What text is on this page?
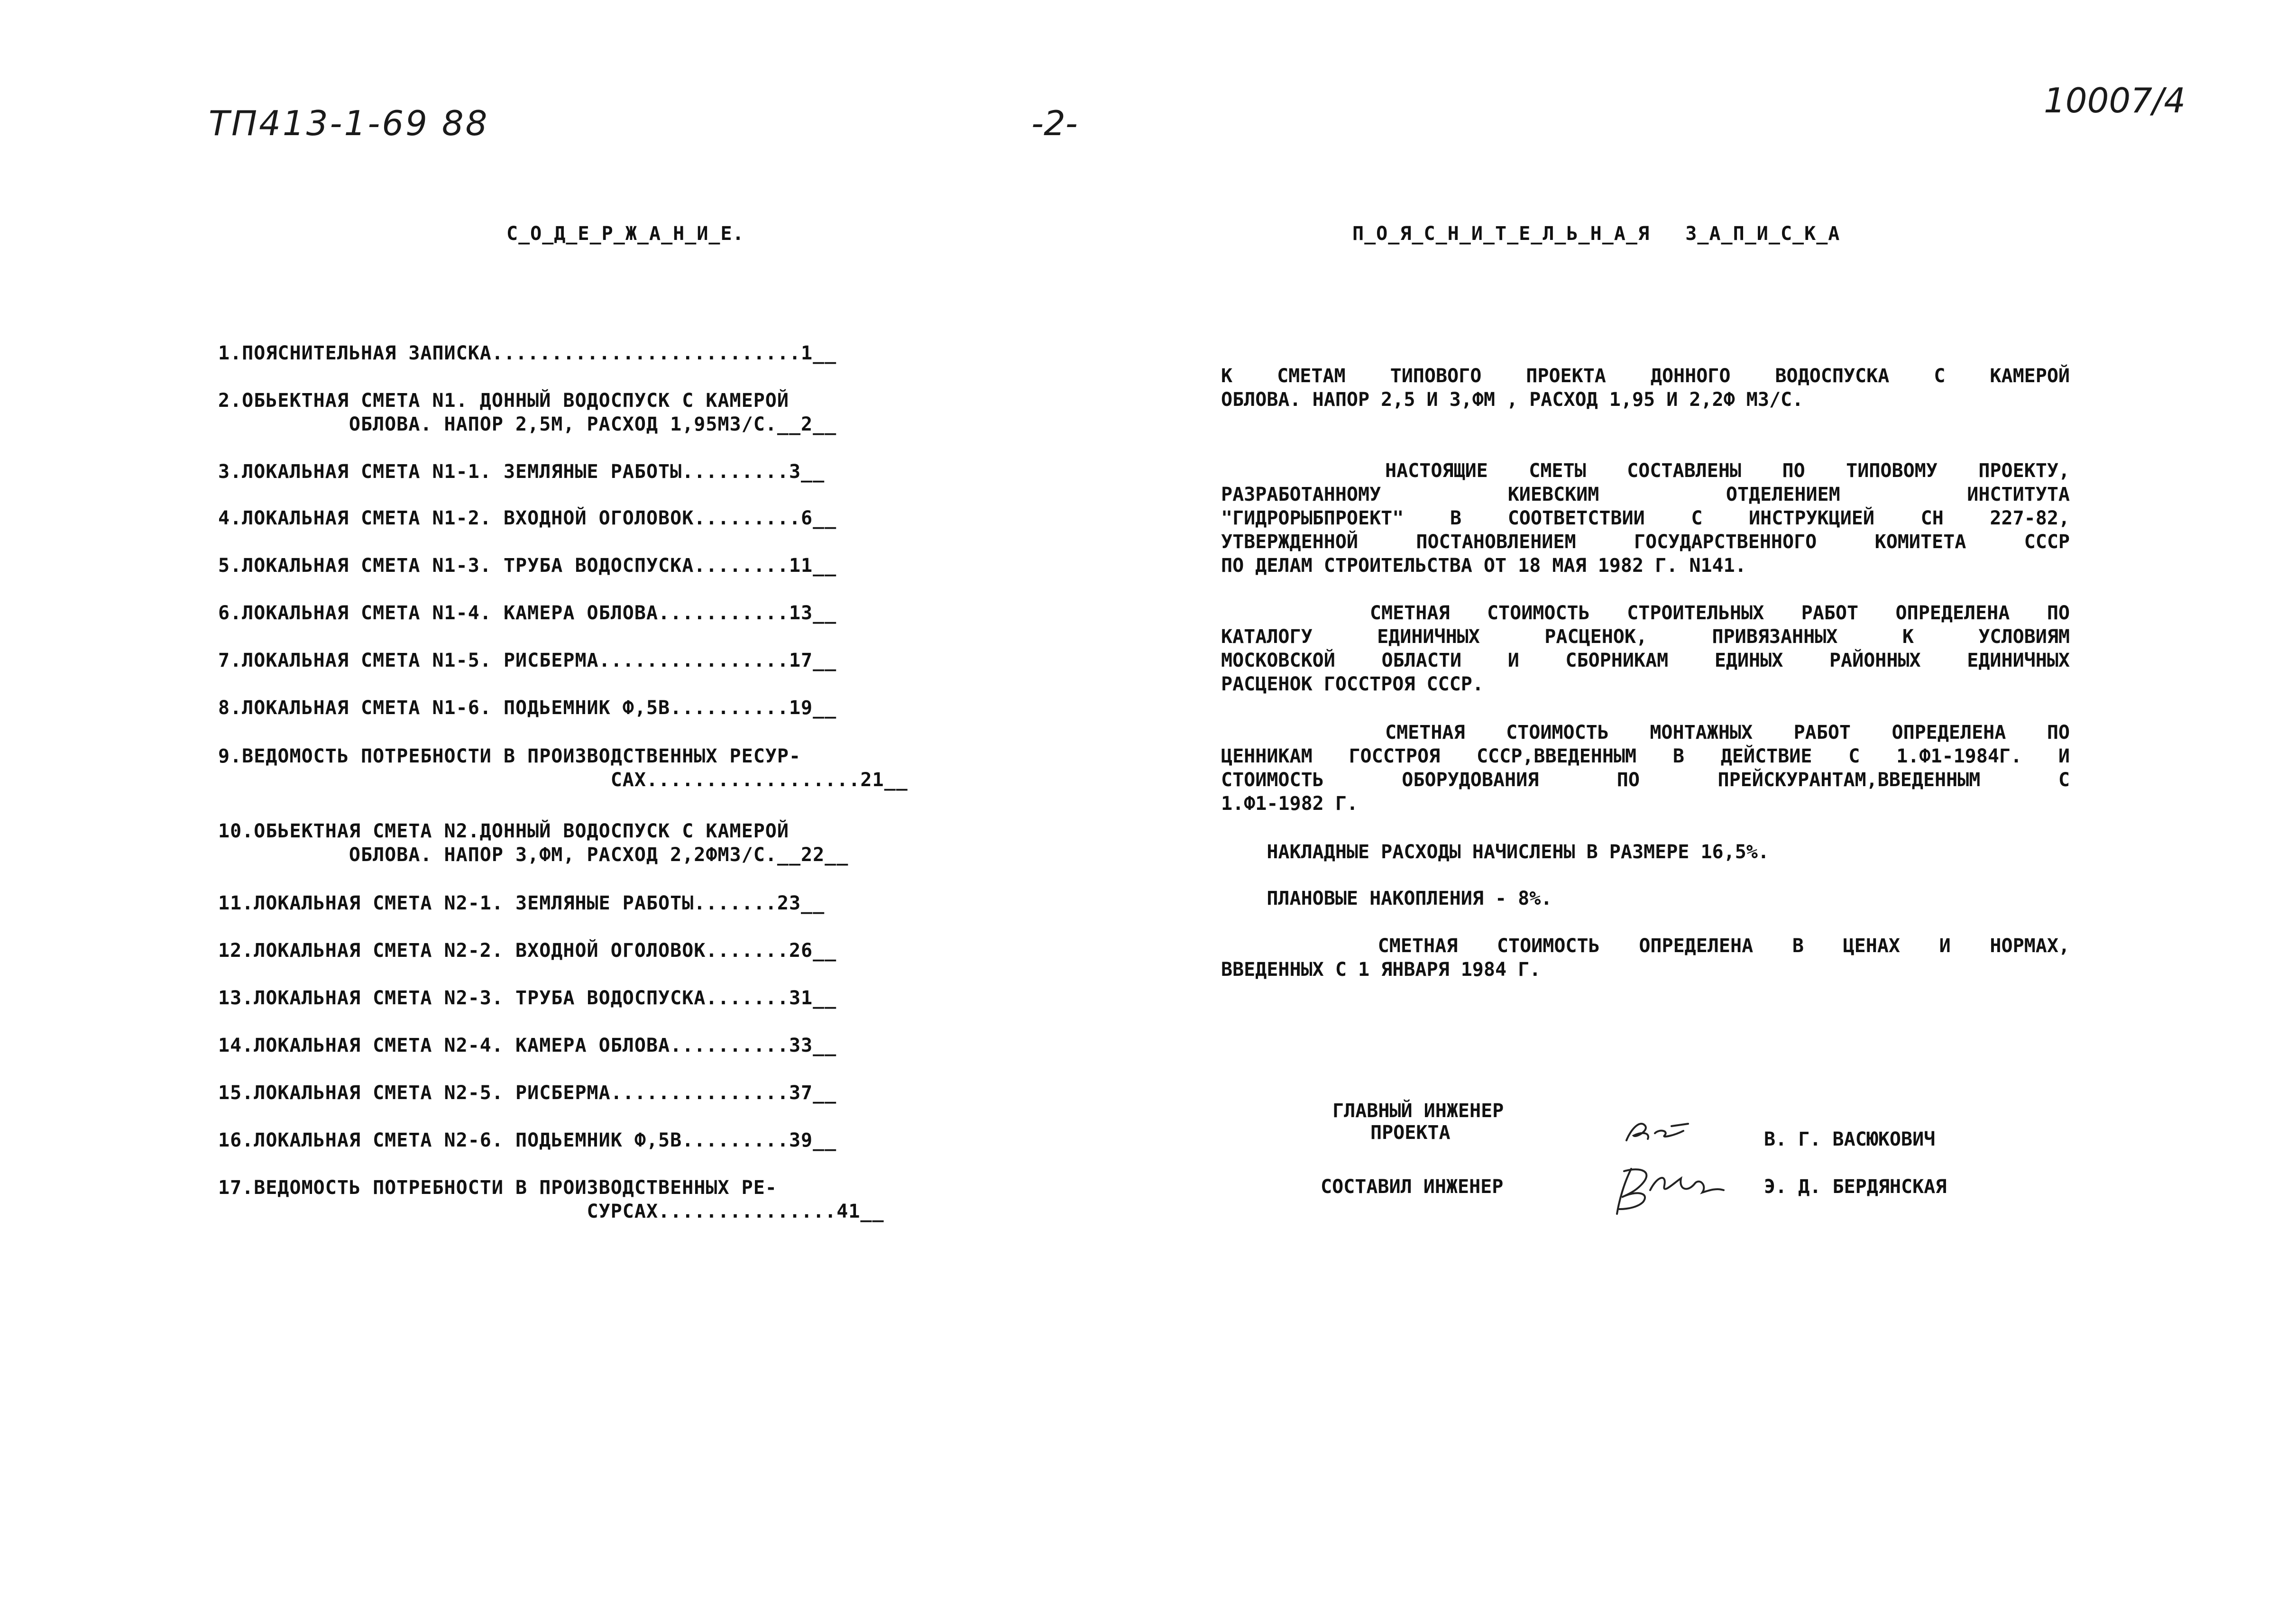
ТП413-1-69 88	-2-
10007/4
С_О_Д_Е_Р_Ж_А_Н_И_Е.	П_О_Я_С_Н_И_Т_Е_Л_Ь_Н_А_Я   З_А_П_И_С_К_А
1.ПОЯСНИТЕЛЬНАЯ ЗАПИСКА..........................1__
2.ОБЬЕКТНАЯ СМЕТА N1. ДОННЫЙ ВОДОСПУСК С КАМЕРОЙ
ОБЛОВА. НАПОР 2,5М, РАСХОД 1,95М3/С.__2__
3.ЛОКАЛЬНАЯ СМЕТА N1-1. ЗЕМЛЯНЫЕ РАБОТЫ.........3__
4.ЛОКАЛЬНАЯ СМЕТА N1-2. ВХОДНОЙ ОГОЛОВОК.........6__
5.ЛОКАЛЬНАЯ СМЕТА N1-3. ТРУБА ВОДОСПУСКА........11__
6.ЛОКАЛЬНАЯ СМЕТА N1-4. КАМЕРА ОБЛОВА...........13__
7.ЛОКАЛЬНАЯ СМЕТА N1-5. РИСБЕРМА................17__
8.ЛОКАЛЬНАЯ СМЕТА N1-6. ПОДЬЕМНИК Ф,5В..........19__
9.ВЕДОМОСТЬ ПОТРЕБНОСТИ В ПРОИЗВОДСТВЕННЫХ РЕСУР-
САХ..................21__
10.ОБЬЕКТНАЯ СМЕТА N2.ДОННЫЙ ВОДОСПУСК С КАМЕРОЙ
ОБЛОВА. НАПОР 3,ФМ, РАСХОД 2,2ФМ3/С.__22__
11.ЛОКАЛЬНАЯ СМЕТА N2-1. ЗЕМЛЯНЫЕ РАБОТЫ.......23__
12.ЛОКАЛЬНАЯ СМЕТА N2-2. ВХОДНОЙ ОГОЛОВОК.......26__
13.ЛОКАЛЬНАЯ СМЕТА N2-3. ТРУБА ВОДОСПУСКА.......31__
14.ЛОКАЛЬНАЯ СМЕТА N2-4. КАМЕРА ОБЛОВА..........33__
15.ЛОКАЛЬНАЯ СМЕТА N2-5. РИСБЕРМА...............37__
16.ЛОКАЛЬНАЯ СМЕТА N2-6. ПОДЬЕМНИК Ф,5В.........39__
17.ВЕДОМОСТЬ ПОТРЕБНОСТИ В ПРОИЗВОДСТВЕННЫХ РЕ-
СУРСАХ...............41__
К СМЕТАМ ТИПОВОГО ПРОЕКТА ДОННОГО ВОДОСПУСКА С КАМЕРОЙ
ОБЛОВА. НАПОР 2,5 И 3,ФМ , РАСХОД 1,95 И 2,2Ф М3/С.
НАСТОЯЩИЕ СМЕТЫ СОСТАВЛЕНЫ ПО ТИПОВОМУ ПРОЕКТУ,
РАЗРАБОТАННОМУ КИЕВСКИМ ОТДЕЛЕНИЕМ ИНСТИТУТА
"ГИДРОРЫБПРОЕКТ" В СООТВЕТСТВИИ С ИНСТРУКЦИЕЙ СН 227-82,
УТВЕРЖДЕННОЙ ПОСТАНОВЛЕНИЕМ ГОСУДАРСТВЕННОГО КОМИТЕТА СССР
ПО ДЕЛАМ СТРОИТЕЛЬСТВА ОТ 18 МАЯ 1982 Г. N141.
СМЕТНАЯ СТОИМОСТЬ СТРОИТЕЛЬНЫХ РАБОТ ОПРЕДЕЛЕНА ПО
КАТАЛОГУ ЕДИНИЧНЫХ РАСЦЕНОК, ПРИВЯЗАННЫХ К УСЛОВИЯМ
МОСКОВСКОЙ ОБЛАСТИ И СБОРНИКАМ ЕДИНЫХ РАЙОННЫХ ЕДИНИЧНЫХ
РАСЦЕНОК ГОССТРОЯ СССР.
СМЕТНАЯ СТОИМОСТЬ МОНТАЖНЫХ РАБОТ ОПРЕДЕЛЕНА ПО
ЦЕННИКАМ ГОССТРОЯ СССР,ВВЕДЕННЫМ В ДЕЙСТВИЕ С 1.Ф1-1984Г. И
СТОИМОСТЬ ОБОРУДОВАНИЯ ПО ПРЕЙСКУРАНТАМ,ВВЕДЕННЫМ С
1.Ф1-1982 Г.
НАКЛАДНЫЕ РАСХОДЫ НАЧИСЛЕНЫ В РАЗМЕРЕ 16,5%.
ПЛАНОВЫЕ НАКОПЛЕНИЯ - 8%.
СМЕТНАЯ СТОИМОСТЬ ОПРЕДЕЛЕНА В ЦЕНАХ И НОРМАХ,
ВВЕДЕННЫХ С 1 ЯНВАРЯ 1984 Г.
ГЛАВНЫЙ ИНЖЕНЕР
ПРОЕКТА	В. Г. ВАСЮКОВИЧ
СОСТАВИЛ ИНЖЕНЕР	Э. Д. БЕРДЯНСКАЯ
